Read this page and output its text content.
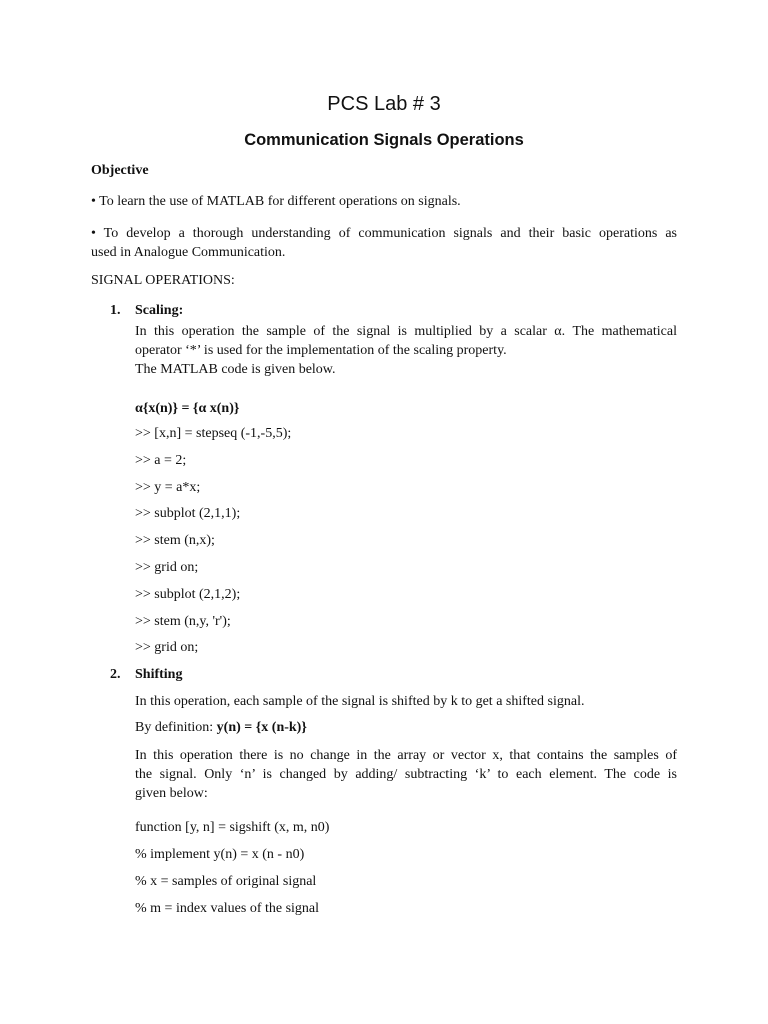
PCS Lab # 3
Communication Signals Operations
Objective
• To learn the use of MATLAB for different operations on signals.
• To develop a thorough understanding of communication signals and their basic operations as
used in Analogue Communication.
SIGNAL OPERATIONS:
1. Scaling:
In this operation the sample of the signal is multiplied by a scalar α. The mathematical
operator ‘*’ is used for the implementation of the scaling property.
The MATLAB code is given below.
α{x(n)} = {α x(n)}
>> [x,n] = stepseq (-1,-5,5);
>> a = 2;
>> y = a*x;
>> subplot (2,1,1);
>> stem (n,x);
>> grid on;
>> subplot (2,1,2);
>> stem (n,y, 'r');
>> grid on;
2. Shifting
In this operation, each sample of the signal is shifted by k to get a shifted signal.
By definition: y(n) = {x (n-k)}
In this operation there is no change in the array or vector x, that contains the samples of
the signal. Only ‘n’ is changed by adding/ subtracting ‘k’ to each element. The code is
given below:
function [y, n] = sigshift (x, m, n0)
% implement y(n) = x (n - n0)
% x = samples of original signal
% m = index values of the signal
